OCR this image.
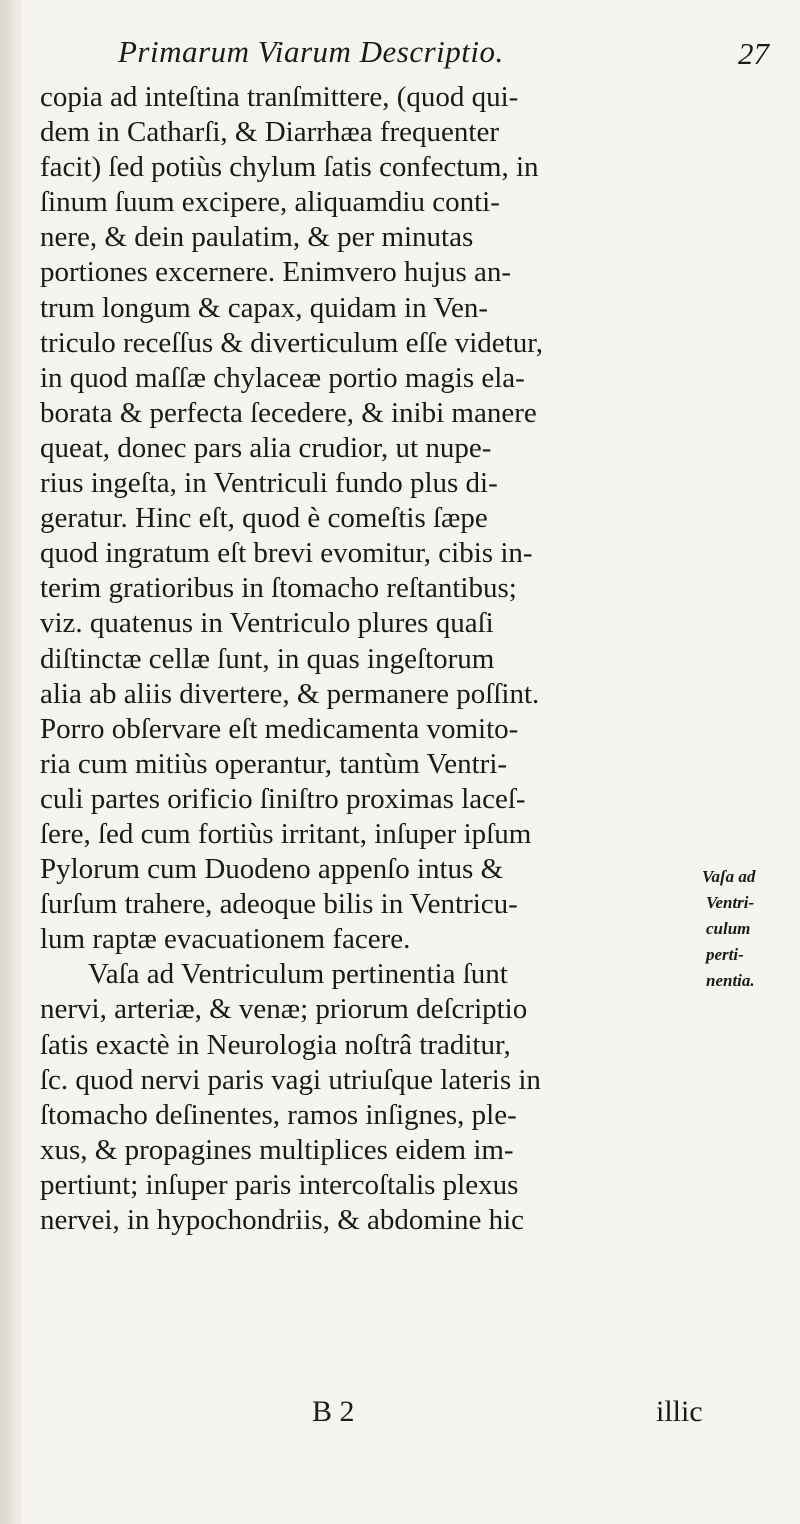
Primarum Viarum Descriptio.	27
copia ad inteſtina tranſmittere, (quod qui-
dem in Catharſi, & Diarrhæa frequenter
facit) ſed potiùs chylum ſatis confectum, in
ſinum ſuum excipere, aliquamdiu conti-
nere, & dein paulatim, & per minutas
portiones excernere. Enimvero hujus an-
trum longum & capax, quidam in Ven-
triculo receſſus & diverticulum eſſe videtur,
in quod maſſæ chylaceæ portio magis ela-
borata & perfecta ſecedere, & inibi manere
queat, donec pars alia crudior, ut nupe-
rius ingeſta, in Ventriculi fundo plus di-
geratur. Hinc eſt, quod è comeſtis ſæpe
quod ingratum eſt brevi evomitur, cibis in-
terim gratioribus in ſtomacho reſtantibus;
viz. quatenus in Ventriculo plures quaſi
diſtinctæ cellæ ſunt, in quas ingeſtorum
alia ab aliis divertere, & permanere poſſint.
Porro obſervare eſt medicamenta vomito-
ria cum mitiùs operantur, tantùm Ventri-
culi partes orificio ſiniſtro proximas laceſ-
ſere, ſed cum fortiùs irritant, inſuper ipſum
Pylorum cum Duodeno appenſo intus &
ſurſum trahere, adeoque bilis in Ventricu-
lum raptæ evacuationem facere.
Vaſa ad Ventriculum pertinentia ſunt
nervi, arteriæ, & venæ; priorum deſcriptio
ſatis exactè in Neurologia noſtrâ traditur,
ſc. quod nervi paris vagi utriuſque lateris in
ſtomacho deſinentes, ramos inſignes, ple-
xus, & propagines multiplices eidem im-
pertiunt; inſuper paris intercoſtalis plexus
nervei, in hypochondriis, & abdomine hic
Vaſa ad
Ventri-
culum
perti-
nentia.
B 2	illic
